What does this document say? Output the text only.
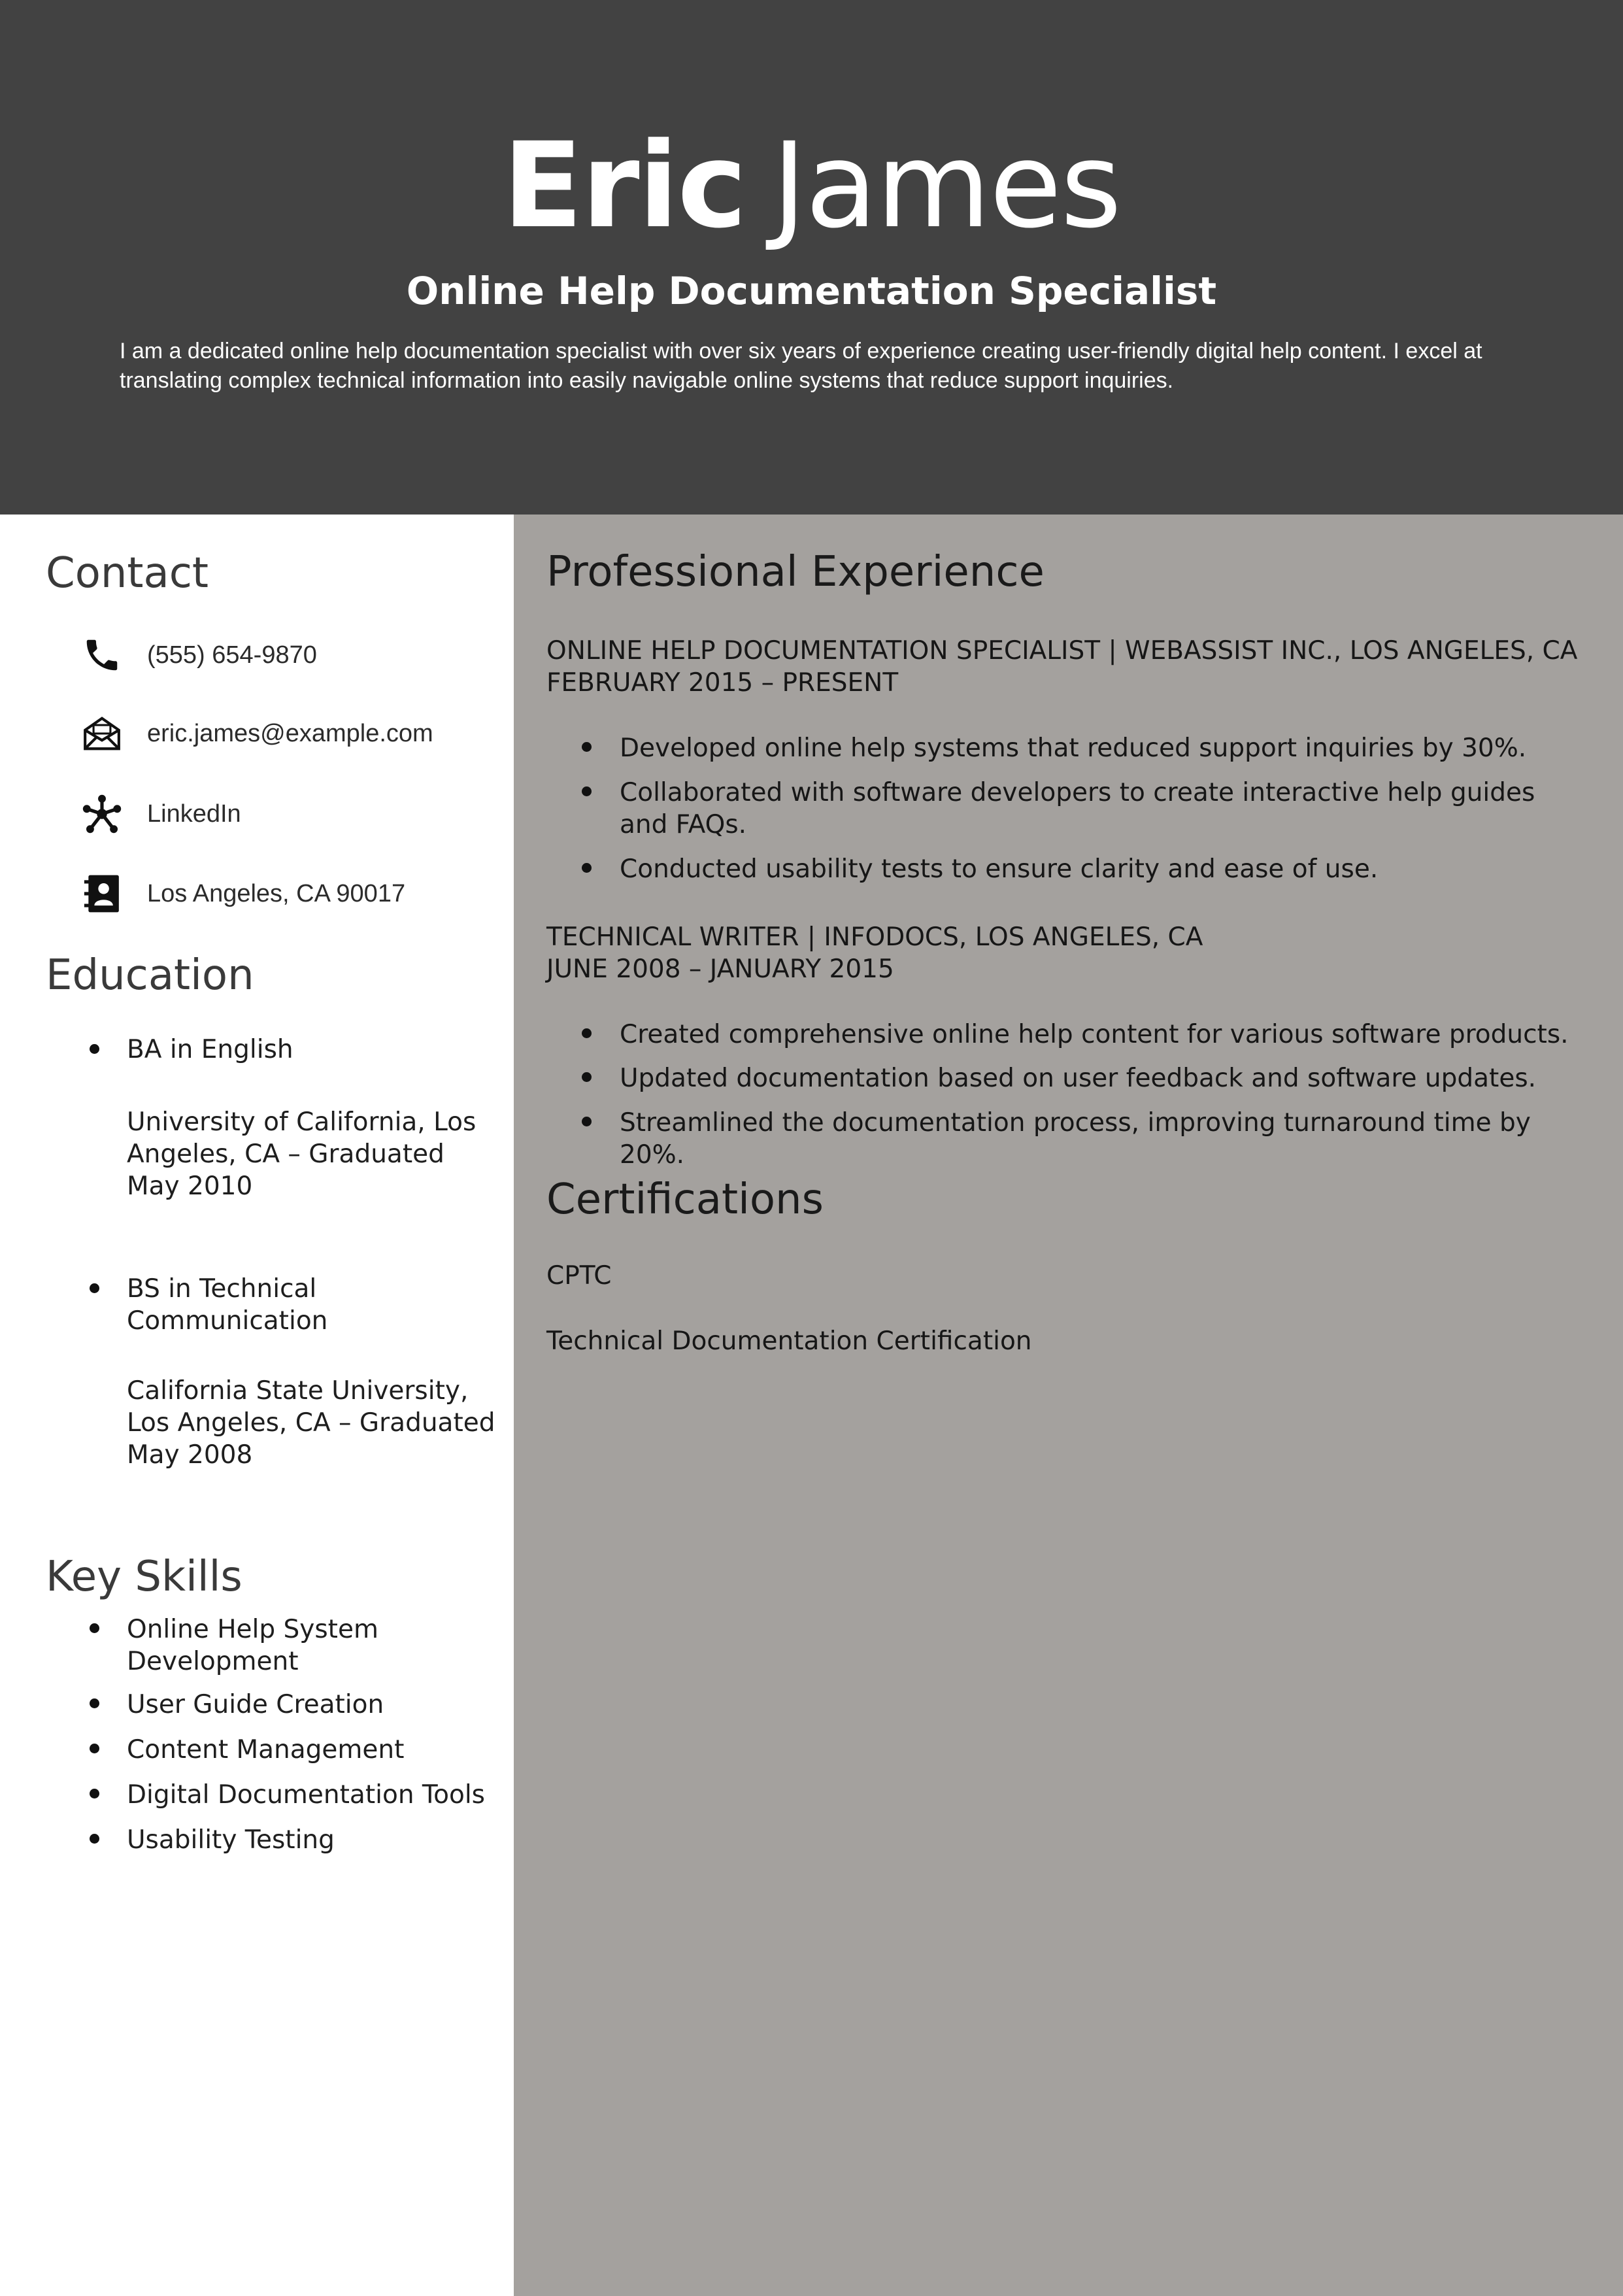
Eric James
Online Help Documentation Specialist
I am a dedicated online help documentation specialist with over six years of experience creating user-friendly digital help content. I excel at translating complex technical information into easily navigable online systems that reduce support inquiries.
Contact
(555) 654-9870
eric.james@example.com
LinkedIn
Los Angeles, CA 90017
Education
BA in English
University of California, Los Angeles, CA – Graduated May 2010
BS in Technical Communication
California State University, Los Angeles, CA – Graduated May 2008
Key Skills
Online Help System Development
User Guide Creation
Content Management
Digital Documentation Tools
Usability Testing
Professional Experience
ONLINE HELP DOCUMENTATION SPECIALIST | WEBASSIST INC., LOS ANGELES, CA
FEBRUARY 2015 – PRESENT
Developed online help systems that reduced support inquiries by 30%.
Collaborated with software developers to create interactive help guides and FAQs.
Conducted usability tests to ensure clarity and ease of use.
TECHNICAL WRITER | INFODOCS, LOS ANGELES, CA
JUNE 2008 – JANUARY 2015
Created comprehensive online help content for various software products.
Updated documentation based on user feedback and software updates.
Streamlined the documentation process, improving turnaround time by 20%.
Certifications
CPTC
Technical Documentation Certification
